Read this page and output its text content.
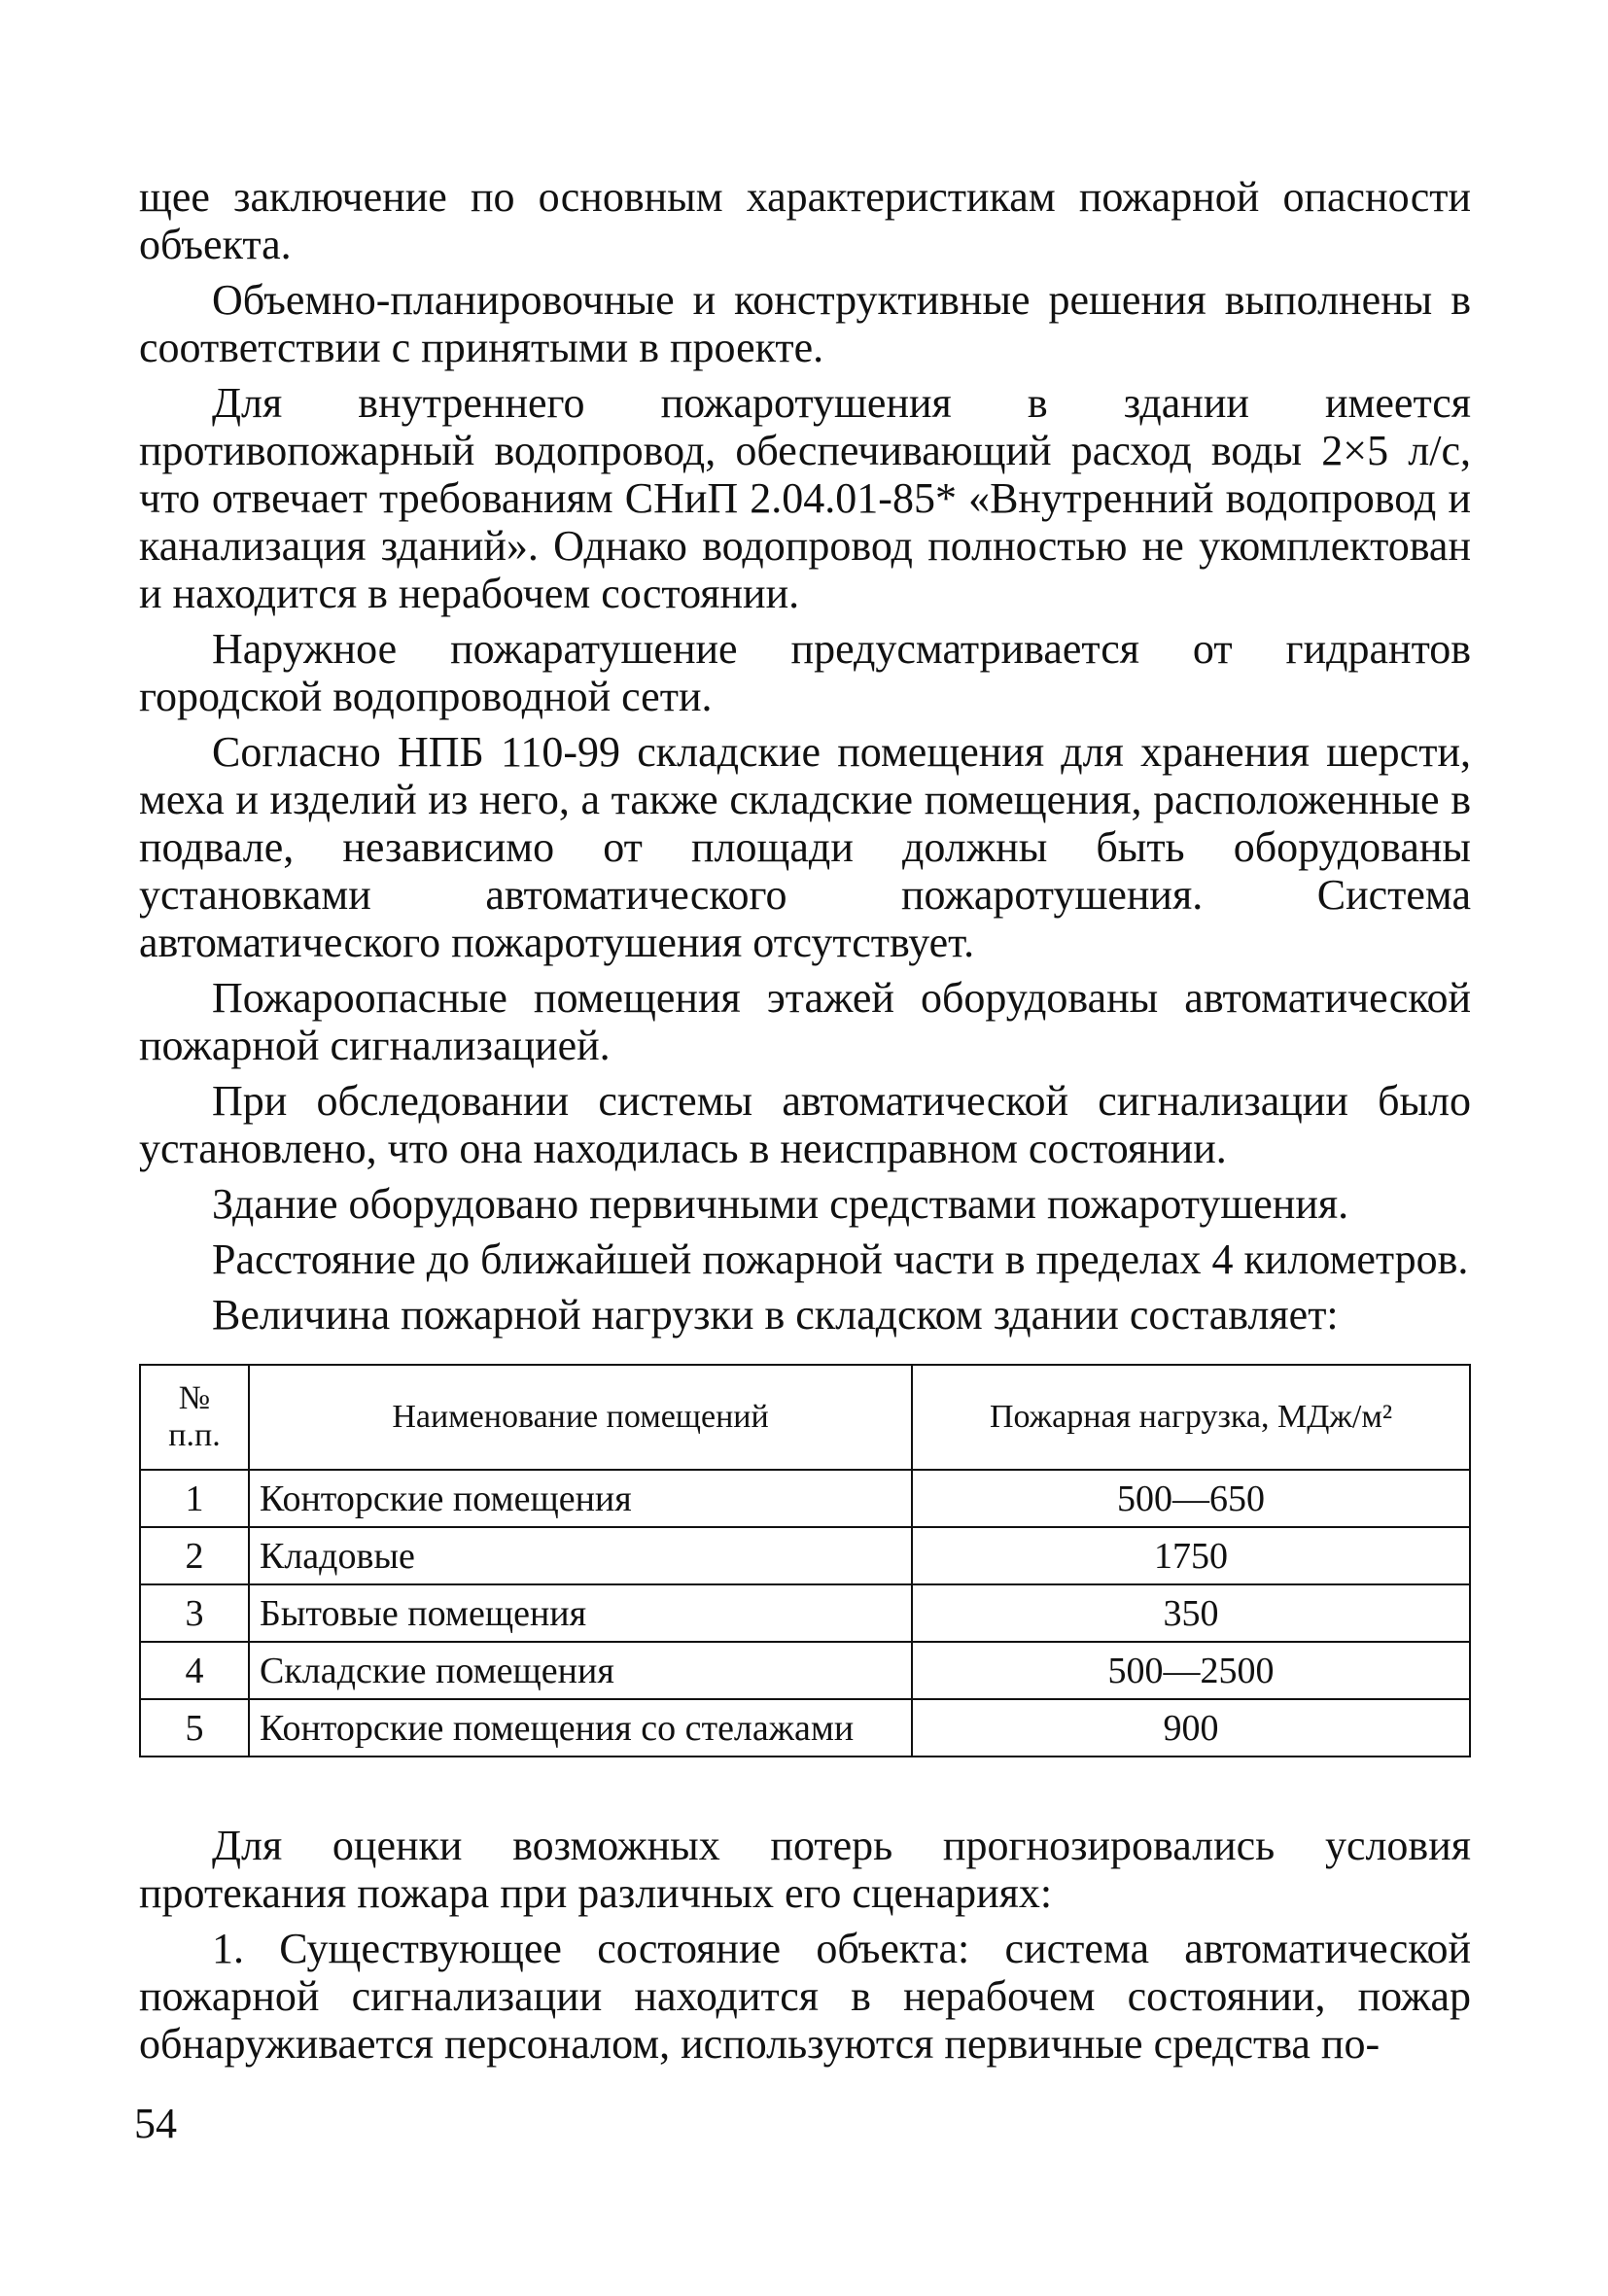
щее заключение по основным характеристикам пожарной опасности объекта.

Объемно-планировочные и конструктивные решения выполнены в соответствии с принятыми в проекте.

Для внутреннего пожаротушения в здании имеется противопожарный водопровод, обеспечивающий расход воды 2×5 л/с, что отвечает требованиям СНиП 2.04.01-85* «Внутренний водопровод и канализация зданий». Однако водопровод полностью не укомплектован и находится в нерабочем состоянии.

Наружное пожаратушение предусматривается от гидрантов городской водопроводной сети.

Согласно НПБ 110-99 складские помещения для хранения шерсти, меха и изделий из него, а также складские помещения, расположенные в подвале, независимо от площади должны быть оборудованы установками автоматического пожаротушения. Система автоматического пожаротушения отсутствует.

Пожароопасные помещения этажей оборудованы автоматической пожарной сигнализацией.

При обследовании системы автоматической сигнализации было установлено, что она находилась в неисправном состоянии.

Здание оборудовано первичными средствами пожаротушения.

Расстояние до ближайшей пожарной части в пределах 4 километров.

Величина пожарной нагрузки в складском здании составляет:

№ п.п.	Наименование помещений	Пожарная нагрузка, МДж/м²
1	Конторские помещения	500—650
2	Кладовые	1750
3	Бытовые помещения	350
4	Складские помещения	500—2500
5	Конторские помещения со стелажами	900

Для оценки возможных потерь прогнозировались условия протекания пожара при различных его сценариях:

1. Существующее состояние объекта: система автоматической пожарной сигнализации находится в нерабочем состоянии, пожар обнаруживается персоналом, используются первичные средства по-

54
